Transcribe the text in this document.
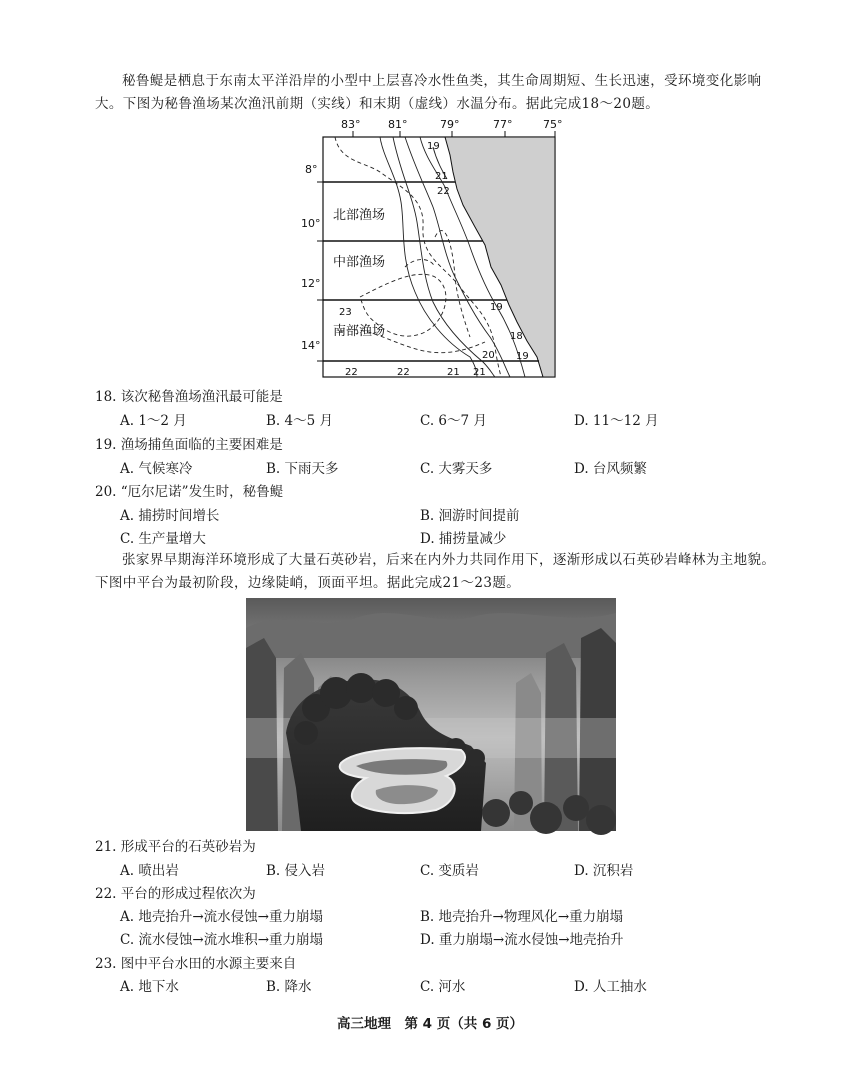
秘鲁鳀是栖息于东南太平洋沿岸的小型中上层喜冷水性鱼类，其生命周期短、生长迅速，受环境变化影响大。下图为秘鲁渔场某次渔汛前期（实线）和末期（虚线）水温分布。据此完成18～20题。
83°	81°	79°	77°	75°
8°
10°
12°
14°
北部渔场
中部渔场
南部渔场
19
21
22
23	19
18
20 19
22	22	21 21
18. 该次秘鲁渔场渔汛最可能是
A. 1～2 月	B. 4～5 月	C. 6～7 月	D. 11～12 月
19. 渔场捕鱼面临的主要困难是
A. 气候寒冷	B. 下雨天多	C. 大雾天多	D. 台风频繁
20. “厄尔尼诺”发生时，秘鲁鳀
A. 捕捞时间增长	B. 洄游时间提前
C. 生产量增大	D. 捕捞量减少
张家界早期海洋环境形成了大量石英砂岩，后来在内外力共同作用下，逐渐形成以石英砂岩峰林为主地貌。下图中平台为最初阶段，边缘陡峭，顶面平坦。据此完成21～23题。
21. 形成平台的石英砂岩为
A. 喷出岩	B. 侵入岩	C. 变质岩	D. 沉积岩
22. 平台的形成过程依次为
A. 地壳抬升→流水侵蚀→重力崩塌	B. 地壳抬升→物理风化→重力崩塌
C. 流水侵蚀→流水堆积→重力崩塌	D. 重力崩塌→流水侵蚀→地壳抬升
23. 图中平台水田的水源主要来自
A. 地下水	B. 降水	C. 河水	D. 人工抽水
高三地理　第 4 页（共 6 页）
